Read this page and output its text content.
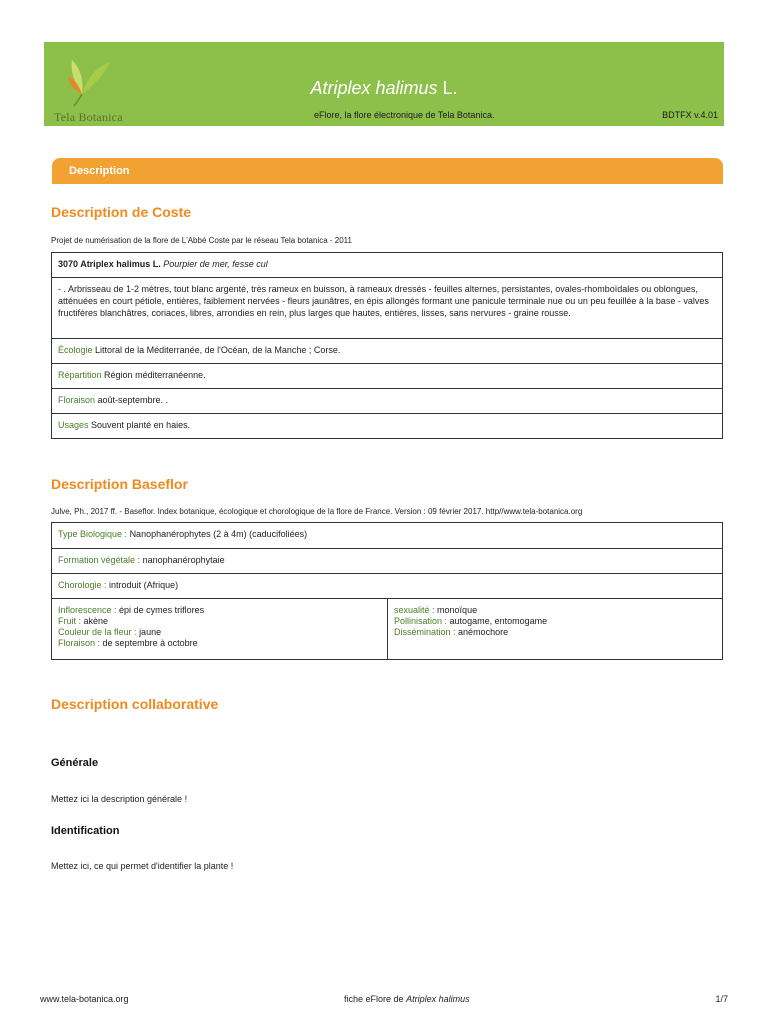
Tela Botanica
Atriplex halimus L.
eFlore, la flore électronique de Tela Botanica.	BDTFX v.4.01
Description
Description de Coste
Projet de numérisation de la flore de L'Abbé Coste par le réseau Tela botanica - 2011
3070 Atriplex halimus L. Pourpier de mer, fesse cul
- . Arbrisseau de 1-2 mètres, tout blanc argenté, très rameux en buisson, à rameaux dressés - feuilles alternes, persistantes, ovales-rhomboïdales ou oblongues, atténuées en court pétiole, entières, faiblement nervées - fleurs jaunâtres, en épis allongés formant une panicule terminale nue ou un peu feuillée à la base - valves fructifères blanchâtres, coriaces, libres, arrondies en rein, plus larges que hautes, entières, lisses, sans nervures - graine rousse.
Écologie Littoral de la Méditerranée, de l'Océan, de la Manche ; Corse.
Répartition Région méditerranéenne.
Floraison août-septembre. .
Usages Souvent planté en haies.
Description Baseflor
Julve, Ph., 2017 ff. - Baseflor. Index botanique, écologique et chorologique de la flore de France. Version : 09 février 2017. http//www.tela-botanica.org
Type Biologique : Nanophanérophytes (2 à 4m) (caducifoliées)
Formation végétale : nanophanérophytaie
Chorologie : introduit (Afrique)
Inflorescence : épi de cymes triflores
Fruit : akène
Couleur de la fleur : jaune
Floraison : de septembre à octobre
sexualité : monoïque
Pollinisation : autogame, entomogame
Dissémination : anémochore
Description collaborative
Générale
Mettez ici la description générale !
Identification
Mettez ici, ce qui permet d'identifier la plante !
www.tela-botanica.org	fiche eFlore de Atriplex halimus	1/7
